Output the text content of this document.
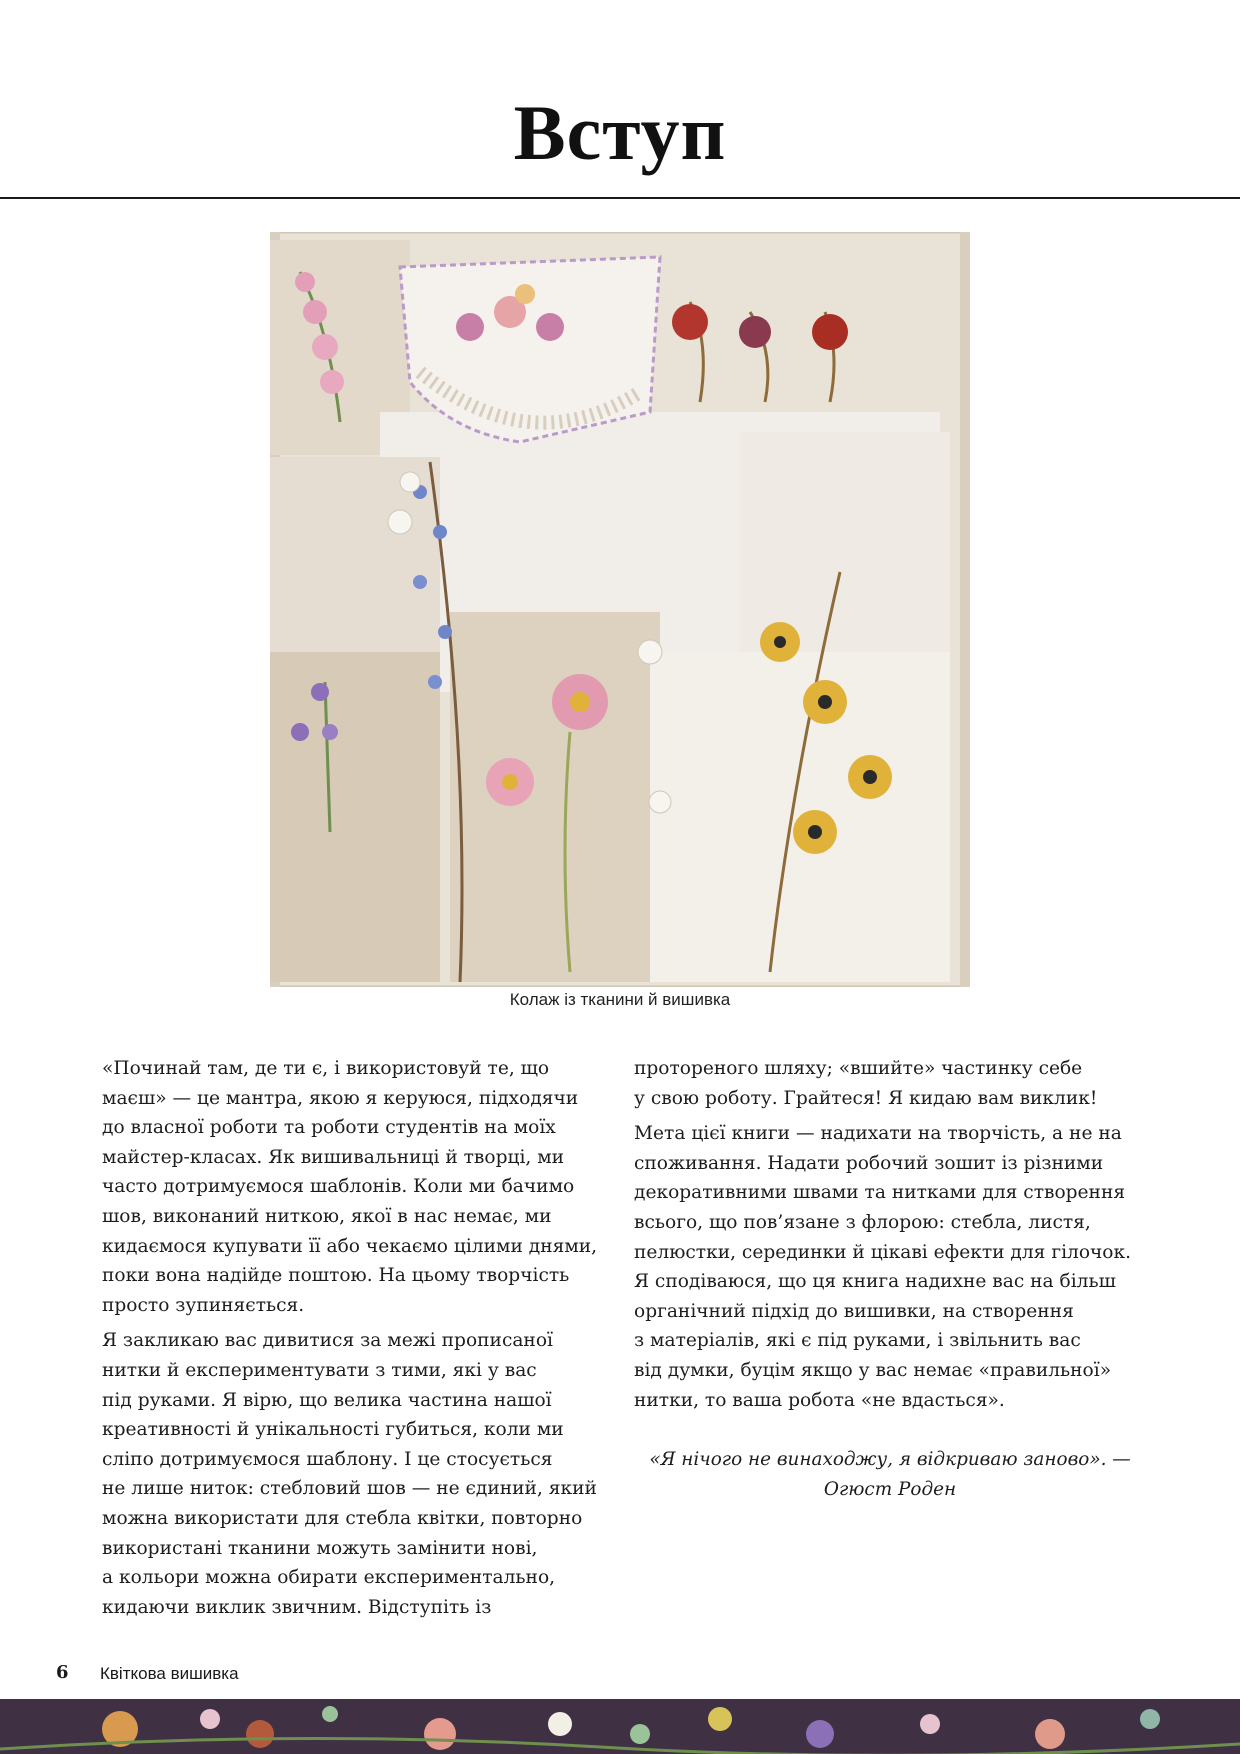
Вступ
Колаж із тканини й вишивка

«Починай там, де ти є, і використовуй те, що
маєш» — це мантра, якою я керуюся, підходячи
до власної роботи та роботи студентів на моїх
майстер-класах. Як вишивальниці й творці, ми
часто дотримуємося шаблонів. Коли ми бачимо
шов, виконаний ниткою, якої в нас немає, ми
кидаємося купувати її або чекаємо цілими днями,
поки вона надійде поштою. На цьому творчість
просто зупиняється.

Я закликаю вас дивитися за межі прописаної
нитки й експериментувати з тими, які у вас
під руками. Я вірю, що велика частина нашої
креативності й унікальності губиться, коли ми
сліпо дотримуємося шаблону. І це стосується
не лише ниток: стебловий шов — не єдиний, який
можна використати для стебла квітки, повторно
використані тканини можуть замінити нові,
а кольори можна обирати експериментально,
кидаючи виклик звичним. Відступіть із

протореного шляху; «вшийте» частинку себе
у свою роботу. Грайтеся! Я кидаю вам виклик!

Мета цієї книги — надихати на творчість, а не на
споживання. Надати робочий зошит із різними
декоративними швами та нитками для створення
всього, що пов’язане з флорою: стебла, листя,
пелюстки, серединки й цікаві ефекти для гілочок.
Я сподіваюся, що ця книга надихне вас на більш
органічний підхід до вишивки, на створення
з матеріалів, які є під руками, і звільнить вас
від думки, буцім якщо у вас немає «правильної»
нитки, то ваша робота «не вдасться».

«Я нічого не винаходжу, я відкриваю заново». —
Огюст Роден
6 Квіткова вишивка
